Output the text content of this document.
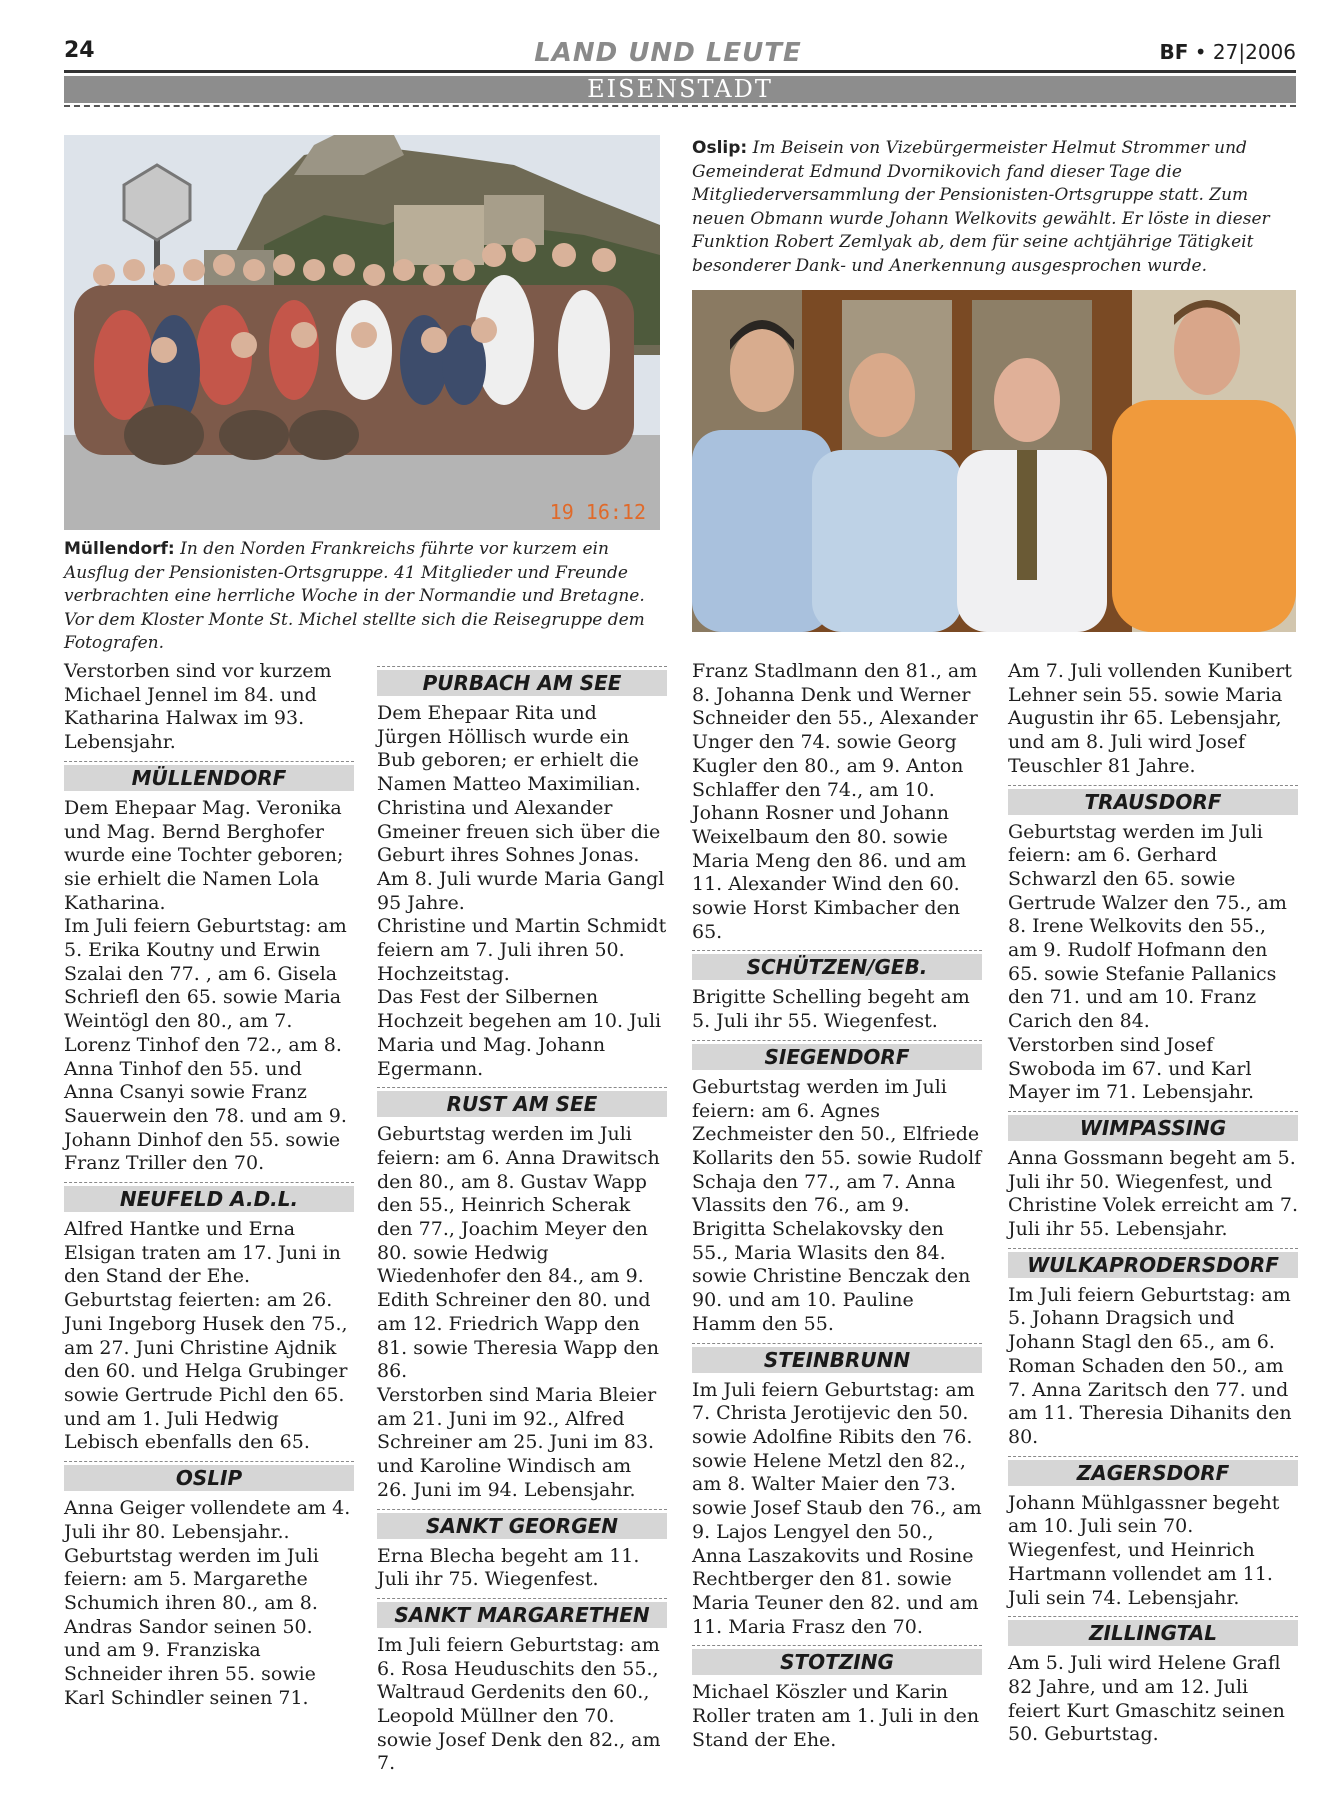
24	LAND UND LEUTE	BF • 27|2006
EISENSTADT
19 16:12
Müllendorf: In den Norden Frankreichs führte vor kurzem ein Ausflug der Pensionisten-Ortsgruppe. 41 Mitglieder und Freunde verbrachten eine herrliche Woche in der Normandie und Bretagne. Vor dem Kloster Monte St. Michel stellte sich die Reisegruppe dem Fotografen.
Oslip: Im Beisein von Vizebürgermeister Helmut Strommer und Gemeinderat Edmund Dvornikovich fand dieser Tage die Mitgliederversammlung der Pensionisten-Ortsgruppe statt. Zum neuen Obmann wurde Johann Welkovits gewählt. Er löste in dieser Funktion Robert Zemlyak ab, dem für seine achtjährige Tätigkeit besonderer Dank- und Anerkennung ausgesprochen wurde.

Verstorben sind vor kurzem Michael Jennel im 84. und Katharina Halwax im 93. Lebensjahr.

MÜLLENDORF

Dem Ehepaar Mag. Veronika und Mag. Bernd Berghofer wurde eine Tochter geboren; sie erhielt die Namen Lola Katharina.

Im Juli feiern Geburtstag: am 5. Erika Koutny und Erwin Szalai den 77. , am 6. Gisela Schriefl den 65. sowie Maria Weintögl den 80., am 7. Lorenz Tinhof den 72., am 8. Anna Tinhof den 55. und Anna Csanyi sowie Franz Sauerwein den 78. und am 9. Johann Dinhof den 55. sowie Franz Triller den 70.

NEUFELD A.D.L.

Alfred Hantke und Erna Elsigan traten am 17. Juni in den Stand der Ehe.

Geburtstag feierten: am 26. Juni Ingeborg Husek den 75., am 27. Juni Christine Ajdnik den 60. und Helga Grubinger sowie Gertrude Pichl den 65. und am 1. Juli Hedwig Lebisch ebenfalls den 65.

OSLIP

Anna Geiger vollendete am 4. Juli ihr 80. Lebensjahr..

Geburtstag werden im Juli feiern: am 5. Margarethe Schumich ihren 80., am 8. Andras Sandor seinen 50. und am 9. Franziska Schneider ihren 55. sowie Karl Schindler seinen 71.

PURBACH AM SEE

Dem Ehepaar Rita und Jürgen Höllisch wurde ein Bub geboren; er erhielt die Namen Matteo Maximilian. Christina und Alexander Gmeiner freuen sich über die Geburt ihres Sohnes Jonas.

Am 8. Juli wurde Maria Gangl 95 Jahre.

Christine und Martin Schmidt feiern am 7. Juli ihren 50. Hochzeitstag.

Das Fest der Silbernen Hochzeit begehen am 10. Juli Maria und Mag. Johann Egermann.

RUST AM SEE

Geburtstag werden im Juli feiern: am 6. Anna Drawitsch den 80., am 8. Gustav Wapp den 55., Heinrich Scherak den 77., Joachim Meyer den 80. sowie Hedwig Wiedenhofer den 84., am 9. Edith Schreiner den 80. und am 12. Friedrich Wapp den 81. sowie Theresia Wapp den 86.

Verstorben sind Maria Bleier am 21. Juni im 92., Alfred Schreiner am 25. Juni im 83. und Karoline Windisch am 26. Juni im 94. Lebensjahr.

SANKT GEORGEN

Erna Blecha begeht am 11. Juli ihr 75. Wiegenfest.

SANKT MARGARETHEN

Im Juli feiern Geburtstag: am 6. Rosa Heuduschits den 55., Waltraud Gerdenits den 60., Leopold Müllner den 70. sowie Josef Denk den 82., am 7.

Franz Stadlmann den 81., am 8. Johanna Denk und Werner Schneider den 55., Alexander Unger den 74. sowie Georg Kugler den 80., am 9. Anton Schlaffer den 74., am 10. Johann Rosner und Johann Weixelbaum den 80. sowie Maria Meng den 86. und am 11. Alexander Wind den 60. sowie Horst Kimbacher den 65.

SCHÜTZEN/GEB.

Brigitte Schelling begeht am 5. Juli ihr 55. Wiegenfest.

SIEGENDORF

Geburtstag werden im Juli feiern: am 6. Agnes Zechmeister den 50., Elfriede Kollarits den 55. sowie Rudolf Schaja den 77., am 7. Anna Vlassits den 76., am 9. Brigitta Schelakovsky den 55., Maria Wlasits den 84. sowie Christine Benczak den 90. und am 10. Pauline Hamm den 55.

STEINBRUNN

Im Juli feiern Geburtstag: am 7. Christa Jerotijevic den 50. sowie Adolfine Ribits den 76. sowie Helene Metzl den 82., am 8. Walter Maier den 73. sowie Josef Staub den 76., am 9. Lajos Lengyel den 50., Anna Laszakovits und Rosine Rechtberger den 81. sowie Maria Teuner den 82. und am 11. Maria Frasz den 70.

STOTZING

Michael Köszler und Karin Roller traten am 1. Juli in den Stand der Ehe.

Am 7. Juli vollenden Kunibert Lehner sein 55. sowie Maria Augustin ihr 65. Lebensjahr, und am 8. Juli wird Josef Teuschler 81 Jahre.

TRAUSDORF

Geburtstag werden im Juli feiern: am 6. Gerhard Schwarzl den 65. sowie Gertrude Walzer den 75., am 8. Irene Welkovits den 55., am 9. Rudolf Hofmann den 65. sowie Stefanie Pallanics den 71. und am 10. Franz Carich den 84.

Verstorben sind Josef Swoboda im 67. und Karl Mayer im 71. Lebensjahr.

WIMPASSING

Anna Gossmann begeht am 5. Juli ihr 50. Wiegenfest, und Christine Volek erreicht am 7. Juli ihr 55. Lebensjahr.

WULKAPRODERSDORF

Im Juli feiern Geburtstag: am 5. Johann Dragsich und Johann Stagl den 65., am 6. Roman Schaden den 50., am 7. Anna Zaritsch den 77. und am 11. Theresia Dihanits den 80.

ZAGERSDORF

Johann Mühlgassner begeht am 10. Juli sein 70. Wiegenfest, und Heinrich Hartmann vollendet am 11. Juli sein 74. Lebensjahr.

ZILLINGTAL

Am 5. Juli wird Helene Grafl 82 Jahre, und am 12. Juli feiert Kurt Gmaschitz seinen 50. Geburtstag.
